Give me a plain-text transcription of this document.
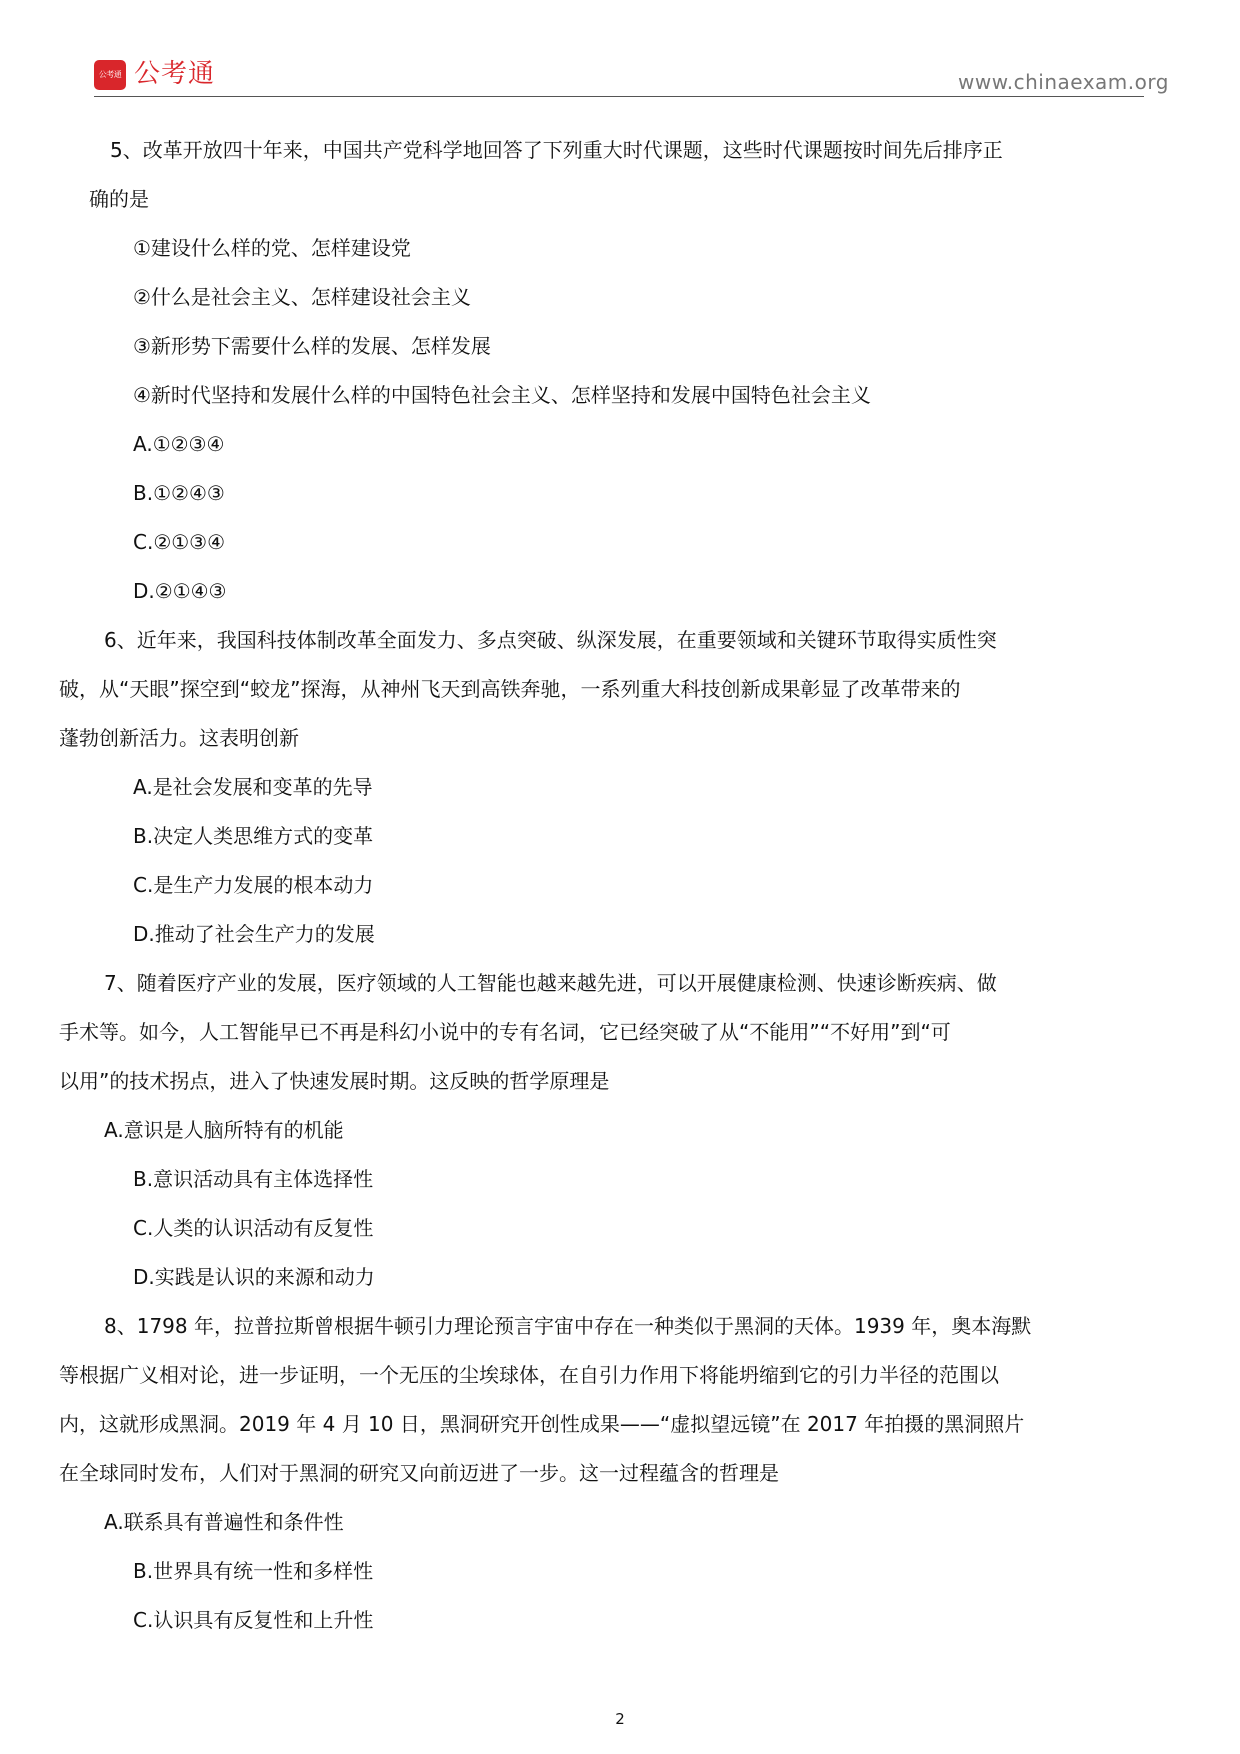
公考通 公考通	www.chinaexam.org
5、改革开放四十年来，中国共产党科学地回答了下列重大时代课题，这些时代课题按时间先后排序正
确的是
①建设什么样的党、怎样建设党
②什么是社会主义、怎样建设社会主义
③新形势下需要什么样的发展、怎样发展
④新时代坚持和发展什么样的中国特色社会主义、怎样坚持和发展中国特色社会主义
A.①②③④
B.①②④③
C.②①③④
D.②①④③
6、近年来，我国科技体制改革全面发力、多点突破、纵深发展，在重要领域和关键环节取得实质性突
破，从“天眼”探空到“蛟龙”探海，从神州飞天到高铁奔驰，一系列重大科技创新成果彰显了改革带来的
蓬勃创新活力。这表明创新
A.是社会发展和变革的先导
B.决定人类思维方式的变革
C.是生产力发展的根本动力
D.推动了社会生产力的发展
7、随着医疗产业的发展，医疗领域的人工智能也越来越先进，可以开展健康检测、快速诊断疾病、做
手术等。如今，人工智能早已不再是科幻小说中的专有名词，它已经突破了从“不能用”“不好用”到“可
以用”的技术拐点，进入了快速发展时期。这反映的哲学原理是
A.意识是人脑所特有的机能
B.意识活动具有主体选择性
C.人类的认识活动有反复性
D.实践是认识的来源和动力
8、1798 年，拉普拉斯曾根据牛顿引力理论预言宇宙中存在一种类似于黑洞的天体。1939 年，奥本海默
等根据广义相对论，进一步证明，一个无压的尘埃球体，在自引力作用下将能坍缩到它的引力半径的范围以
内，这就形成黑洞。2019 年 4 月 10 日，黑洞研究开创性成果——“虚拟望远镜”在 2017 年拍摄的黑洞照片
在全球同时发布，人们对于黑洞的研究又向前迈进了一步。这一过程蕴含的哲理是
A.联系具有普遍性和条件性
B.世界具有统一性和多样性
C.认识具有反复性和上升性
2
